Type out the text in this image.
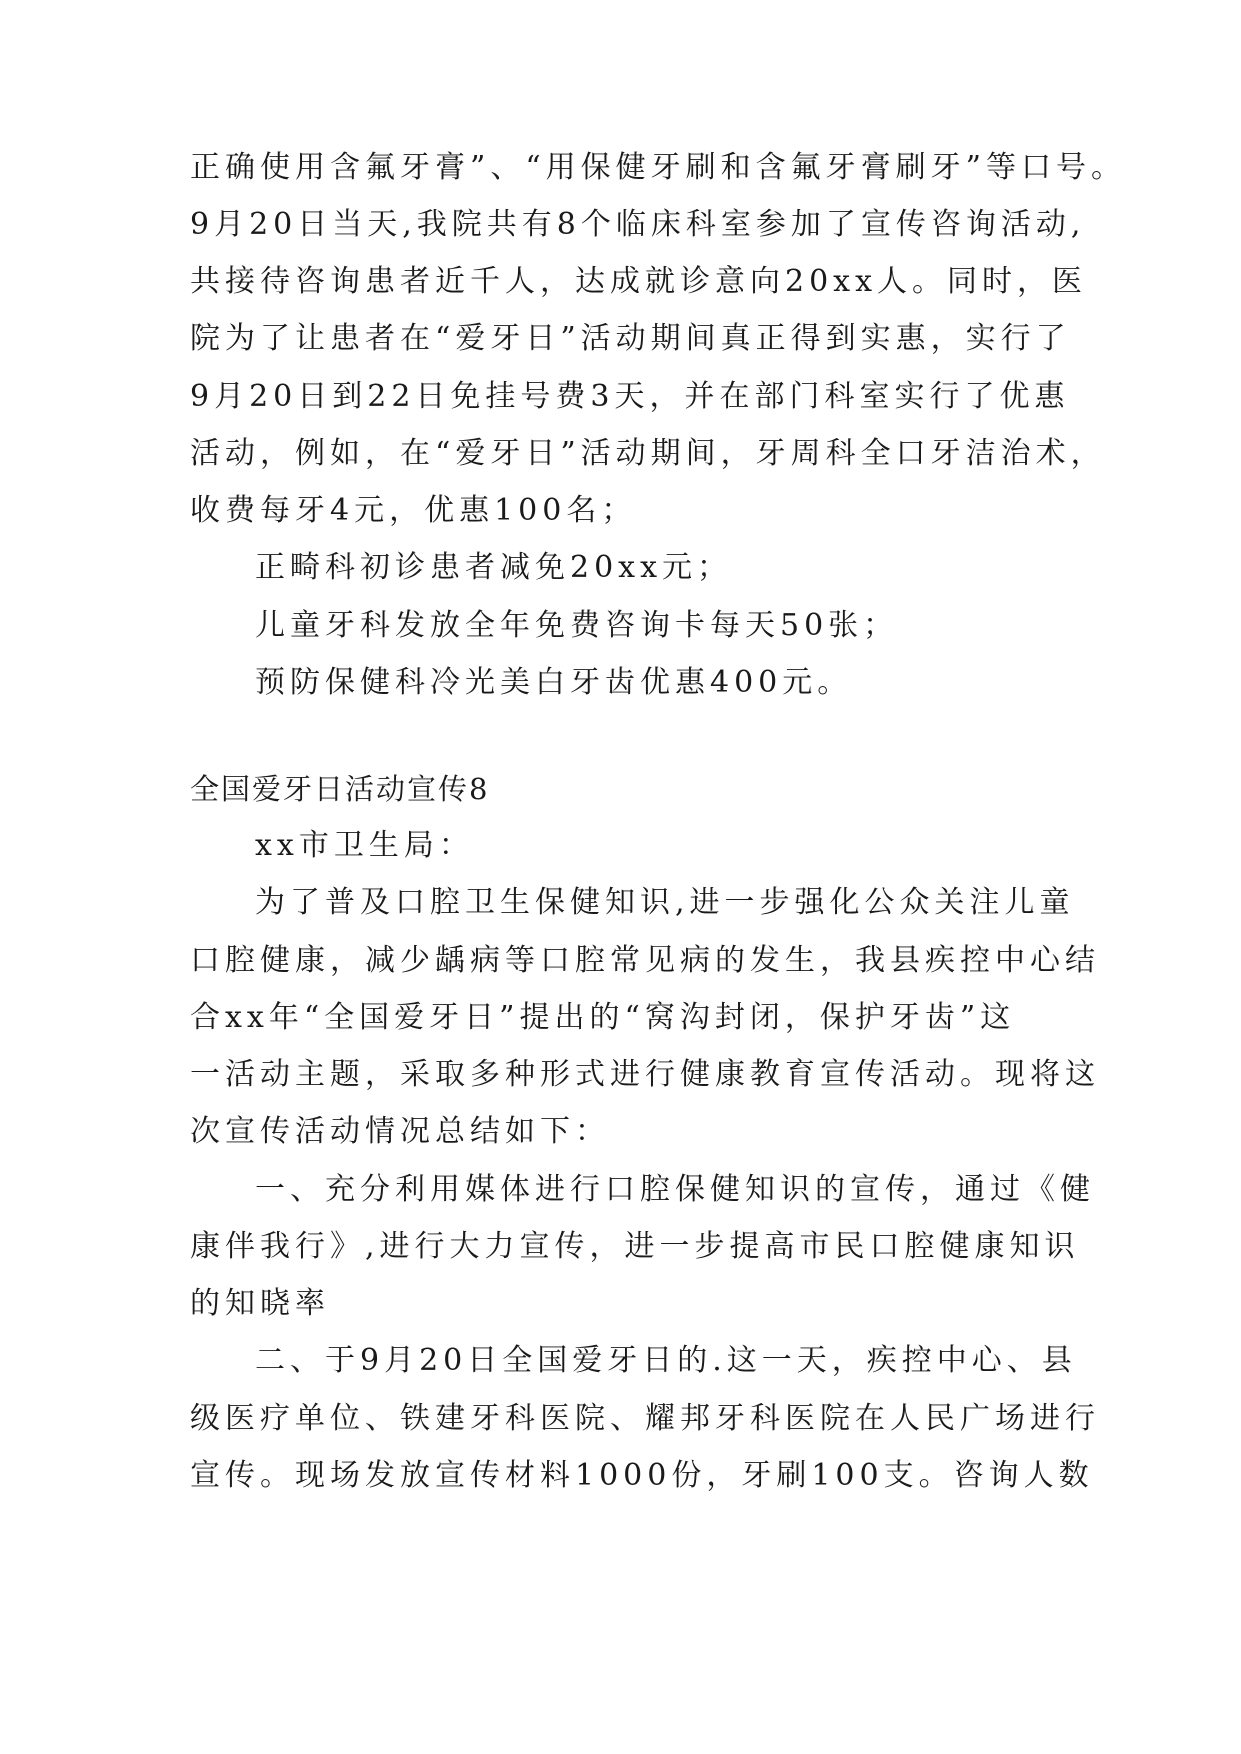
正确使用含氟牙膏”、“用保健牙刷和含氟牙膏刷牙”等口号。
9月20日当天,我院共有8个临床科室参加了宣传咨询活动,
共接待咨询患者近千人，达成就诊意向20xx人。同时，医
院为了让患者在“爱牙日”活动期间真正得到实惠，实行了
9月20日到22日免挂号费3天，并在部门科室实行了优惠
活动，例如，在“爱牙日”活动期间，牙周科全口牙洁治术，
收费每牙4元，优惠100名；
正畸科初诊患者减免20xx元；
儿童牙科发放全年免费咨询卡每天50张；
预防保健科冷光美白牙齿优惠400元。
全国爱牙日活动宣传8
xx市卫生局：
为了普及口腔卫生保健知识,进一步强化公众关注儿童
口腔健康，减少龋病等口腔常见病的发生，我县疾控中心结
合xx年“全国爱牙日”提出的“窝沟封闭，保护牙齿”这
一活动主题，采取多种形式进行健康教育宣传活动。现将这
次宣传活动情况总结如下：
一、充分利用媒体进行口腔保健知识的宣传，通过《健
康伴我行》,进行大力宣传，进一步提高市民口腔健康知识
的知晓率
二、于9月20日全国爱牙日的.这一天，疾控中心、县
级医疗单位、铁建牙科医院、耀邦牙科医院在人民广场进行
宣传。现场发放宣传材料1000份，牙刷100支。咨询人数
